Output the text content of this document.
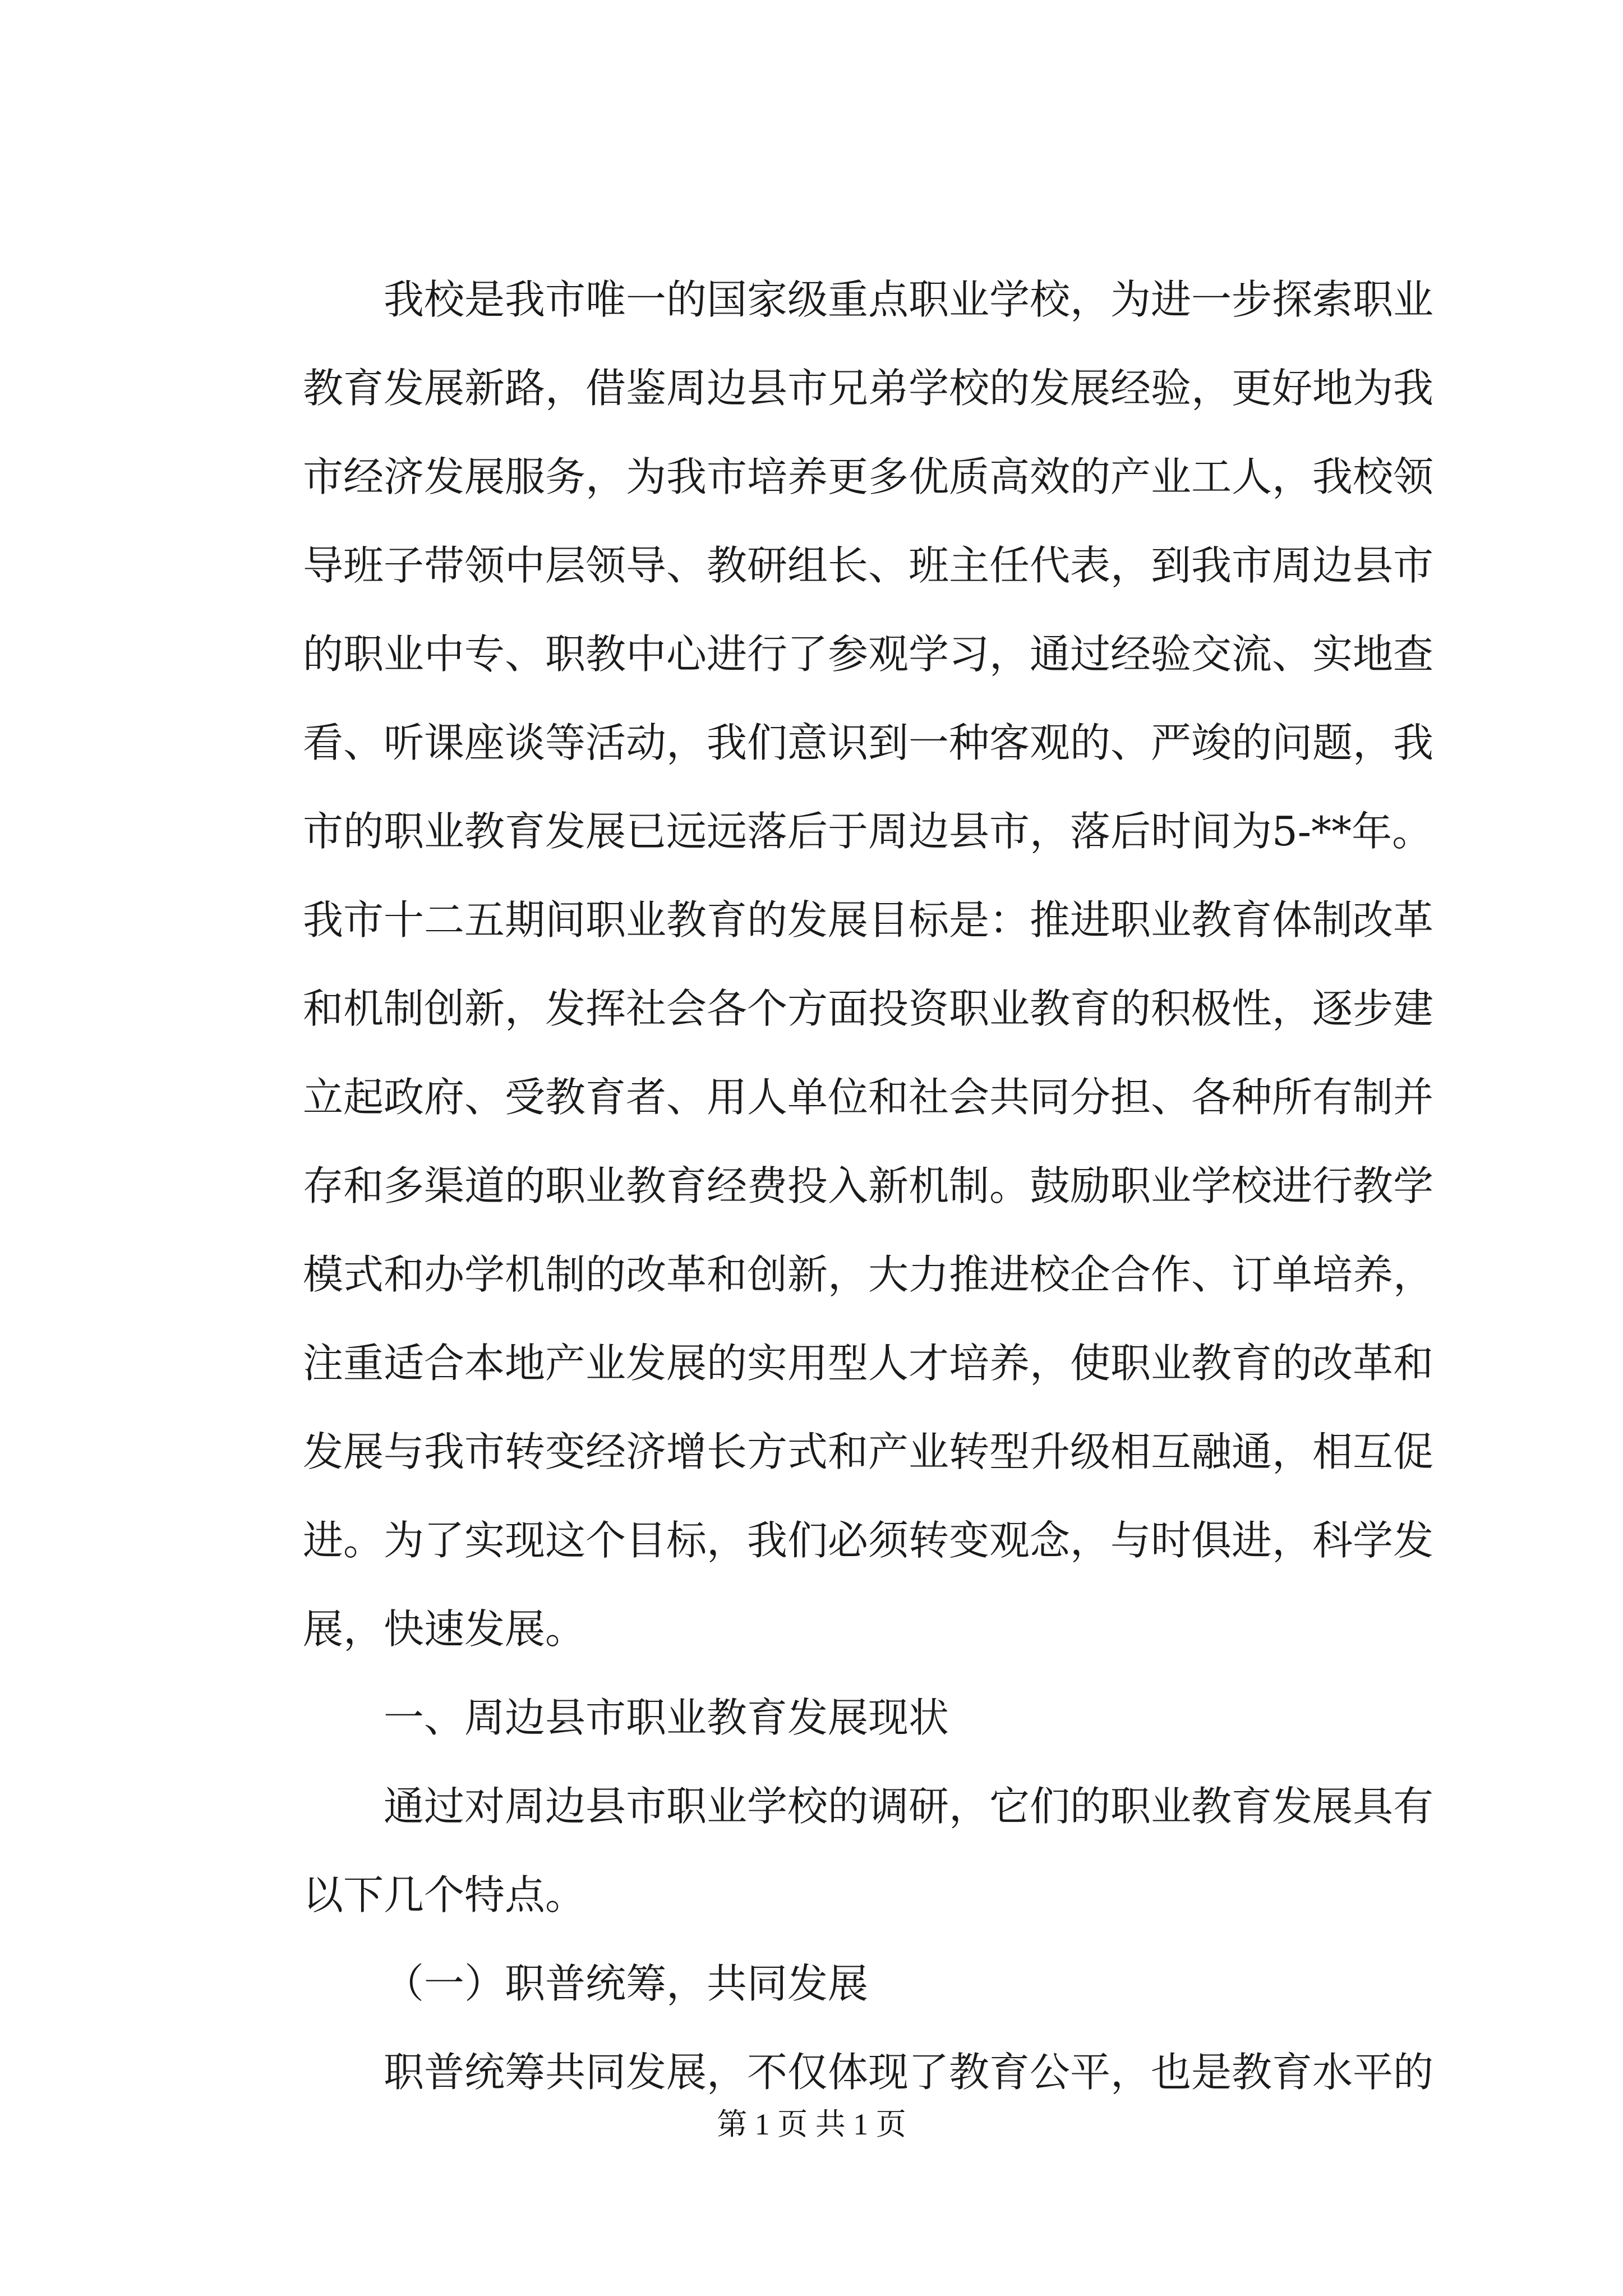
我校是我市唯一的国家级重点职业学校，为进一步探索职业
教育发展新路，借鉴周边县市兄弟学校的发展经验，更好地为我
市经济发展服务，为我市培养更多优质高效的产业工人，我校领
导班子带领中层领导、教研组长、班主任代表，到我市周边县市
的职业中专、职教中心进行了参观学习，通过经验交流、实地查
看、听课座谈等活动，我们意识到一种客观的、严竣的问题，我
市的职业教育发展已远远落后于周边县市，落后时间为5-**年。
我市十二五期间职业教育的发展目标是：推进职业教育体制改革
和机制创新，发挥社会各个方面投资职业教育的积极性，逐步建
立起政府、受教育者、用人单位和社会共同分担、各种所有制并
存和多渠道的职业教育经费投入新机制。鼓励职业学校进行教学
模式和办学机制的改革和创新，大力推进校企合作、订单培养，
注重适合本地产业发展的实用型人才培养，使职业教育的改革和
发展与我市转变经济增长方式和产业转型升级相互融通，相互促
进。为了实现这个目标，我们必须转变观念，与时俱进，科学发
展，快速发展。
一、周边县市职业教育发展现状
通过对周边县市职业学校的调研，它们的职业教育发展具有
以下几个特点。
（一）职普统筹，共同发展
职普统筹共同发展，不仅体现了教育公平，也是教育水平的
第 1 页 共 1 页
